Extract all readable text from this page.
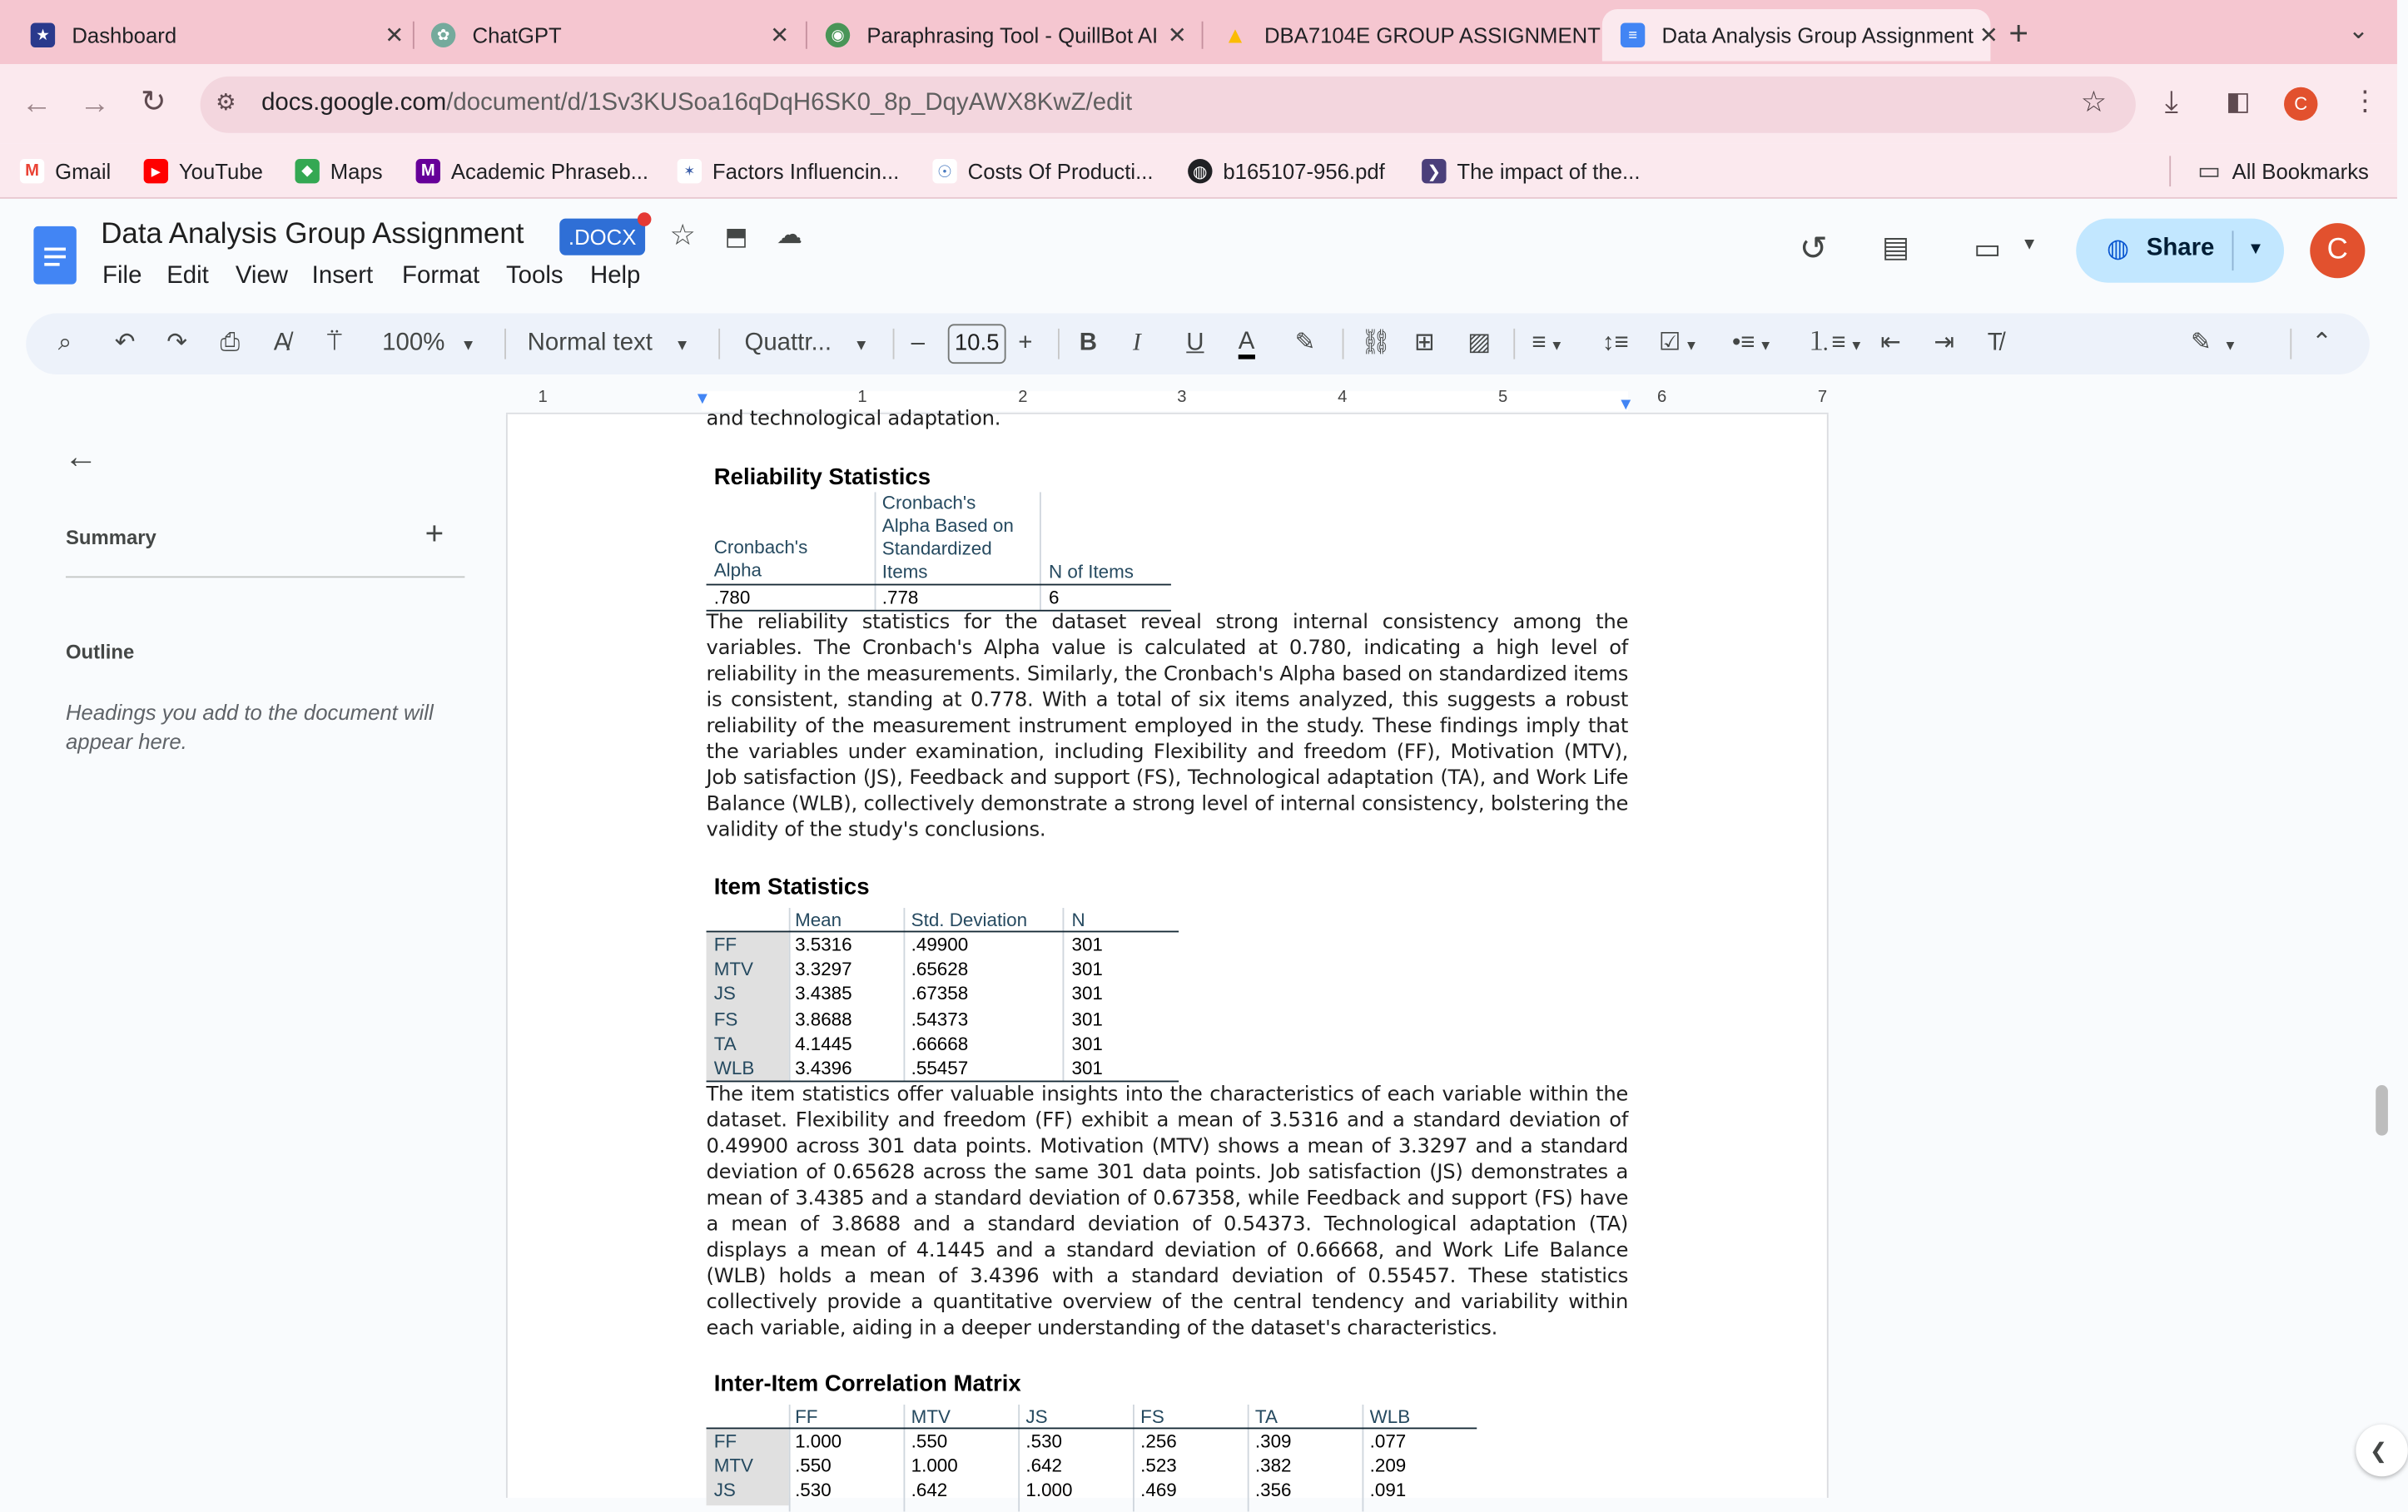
★	Dashboard	✕	✿	ChatGPT	✕	◉	Paraphrasing Tool - QuillBot AI ✕	▲ DBA7104E GROUP ASSIGNMENT	≡	Data Analysis Group Assignment ✕ +	⌄
← → ↻	⚙ docs.google.com/document/d/1Sv3KUSoa16qDqH6SK0_8p_DqyAWX8KwZ/edit	☆	⤓	◧	C	⋮
M	Gmail	▶	YouTube	⬥	Maps	M	Academic Phraseb...	✶	Factors Influencin...	☉	Costs Of Producti...	◍	b165107-956.pdf	❯	The impact of the...	▭ All Bookmarks
Data Analysis Group Assignment	.DOCX	☆ ⬒ ☁
File Edit View Insert Format Tools Help
↺	▤	▭ ▼	◍ Share	▼	C
⌕	↶ ↷ ⎙	A̸	⍡	100% ▼	Normal text	▼	Quattr...	▼	–	10.5	+	B	I	U	A	✎	⛓ ⊞ ▨	≡ ▼	↕≡ ☑ ▼	•≡ ▼	⒈≡ ▼ ⇤ ⇥ T̸	✎ ▼	⌃
1	1	2	3	4	5	6	7
▼	▼
←
Summary	+
Outline
Headings you add to the document will appear here.
and technological adaptation.
Reliability Statistics
Cronbach's
Alpha
Cronbach's
Alpha Based on
Standardized
Items	N of Items
.780	.778	6
The reliability statistics for the dataset reveal strong internal consistency among the variables. The Cronbach's Alpha value is calculated at 0.780, indicating a high level of reliability in the measurements. Similarly, the Cronbach's Alpha based on standardized items is consistent, standing at 0.778. With a total of six items analyzed, this suggests a robust reliability of the measurement instrument employed in the study. These findings imply that the variables under examination, including Flexibility and freedom (FF), Motivation (MTV), Job satisfaction (JS), Feedback and support (FS), Technological adaptation (TA), and Work Life Balance (WLB), collectively demonstrate a strong level of internal consistency, bolstering the validity of the study's conclusions.
Item Statistics
Mean	Std. Deviation	N
FF	3.5316	.49900	301
MTV	3.3297	.65628	301
JS	3.4385	.67358	301
FS	3.8688	.54373	301
TA	4.1445	.66668	301
WLB	3.4396	.55457	301
The item statistics offer valuable insights into the characteristics of each variable within the dataset. Flexibility and freedom (FF) exhibit a mean of 3.5316 and a standard deviation of 0.49900 across 301 data points. Motivation (MTV) shows a mean of 3.3297 and a standard deviation of 0.65628 across the same 301 data points. Job satisfaction (JS) demonstrates a mean of 3.4385 and a standard deviation of 0.67358, while Feedback and support (FS) have a mean of 3.8688 and a standard deviation of 0.54373. Technological adaptation (TA) displays a mean of 4.1445 and a standard deviation of 0.66668, and Work Life Balance (WLB) holds a mean of 3.4396 with a standard deviation of 0.55457. These statistics collectively provide a quantitative overview of the central tendency and variability within each variable, aiding in a deeper understanding of the dataset's characteristics.
Inter-Item Correlation Matrix
FF	MTV	JS	FS	TA	WLB
FF	1.000	.550	.530	.256	.309	.077
MTV	.550	1.000	.642	.523	.382	.209
JS	.530	.642	1.000	.469	.356	.091
❮
